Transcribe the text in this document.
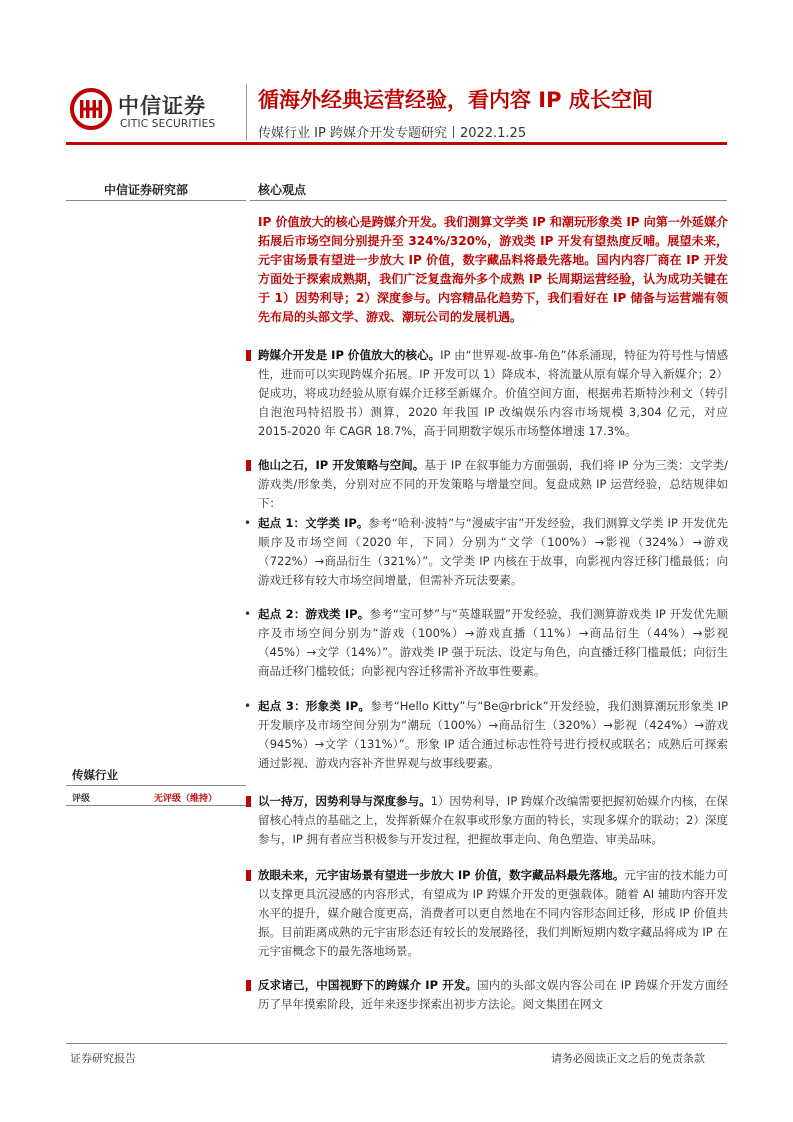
中信证券
CITIC SECURITIES
循海外经典运营经验，看内容 IP 成长空间
传媒行业 IP 跨媒介开发专题研究丨2022.1.25
中信证券研究部	核心观点

IP 价值放大的核心是跨媒介开发。我们测算文学类 IP 和潮玩形象类 IP 向第一外延媒介拓展后市场空间分别提升至 324%/320%，游戏类 IP 开发有望热度反哺。展望未来，元宇宙场景有望进一步放大 IP 价值，数字藏品料将最先落地。国内内容厂商在 IP 开发方面处于探索成熟期，我们广泛复盘海外多个成熟 IP 长周期运营经验，认为成功关键在于 1）因势利导；2）深度参与。内容精品化趋势下，我们看好在 IP 储备与运营端有领先布局的头部文学、游戏、潮玩公司的发展机遇。

跨媒介开发是 IP 价值放大的核心。IP 由“世界观-故事-角色”体系涌现，特征为符号性与情感性，进而可以实现跨媒介拓展。IP 开发可以 1）降成本，将流量从原有媒介导入新媒介；2）促成功，将成功经验从原有媒介迁移至新媒介。价值空间方面，根据弗若斯特沙利文（转引自泡泡玛特招股书）测算，2020 年我国 IP 改编娱乐内容市场规模 3,304 亿元，对应 2015-2020 年 CAGR 18.7%，高于同期数字娱乐市场整体增速 17.3%。

他山之石，IP 开发策略与空间。基于 IP 在叙事能力方面强弱，我们将 IP 分为三类：文学类/游戏类/形象类，分别对应不同的开发策略与增量空间。复盘成熟 IP 运营经验，总结规律如下：

• 起点 1：文学类 IP。参考“哈利·波特”与“漫威宇宙”开发经验，我们测算文学类 IP 开发优先顺序及市场空间（2020 年，下同）分别为“文学（100%）→影视（324%）→游戏（722%）→商品衍生（321%）”。文学类 IP 内核在于故事，向影视内容迁移门槛最低；向游戏迁移有较大市场空间增量，但需补齐玩法要素。

• 起点 2：游戏类 IP。参考“宝可梦”与“英雄联盟”开发经验，我们测算游戏类 IP 开发优先顺序及市场空间分别为“游戏（100%）→游戏直播（11%）→商品衍生（44%）→影视（45%）→文学（14%）”。游戏类 IP 强于玩法、设定与角色，向直播迁移门槛最低；向衍生商品迁移门槛较低；向影视内容迁移需补齐故事性要素。

• 起点 3：形象类 IP。参考“Hello Kitty”与“Be@rbrick”开发经验，我们测算潮玩形象类 IP 开发顺序及市场空间分别为“潮玩（100%）→商品衍生（320%）→影视（424%）→游戏（945%）→文学（131%）”。形象 IP 适合通过标志性符号进行授权或联名；成熟后可探索通过影视、游戏内容补齐世界观与故事线要素。

以一持万，因势利导与深度参与。1）因势利导，IP 跨媒介改编需要把握初始媒介内核，在保留核心特点的基础之上，发挥新媒介在叙事或形象方面的特长，实现多媒介的联动；2）深度参与，IP 拥有者应当积极参与开发过程，把握故事走向、角色塑造、审美品味。

放眼未来，元宇宙场景有望进一步放大 IP 价值，数字藏品料最先落地。元宇宙的技术能力可以支撑更具沉浸感的内容形式，有望成为 IP 跨媒介开发的更强载体。随着 AI 辅助内容开发水平的提升，媒介融合度更高，消费者可以更自然地在不同内容形态间迁移，形成 IP 价值共振。目前距离成熟的元宇宙形态还有较长的发展路径，我们判断短期内数字藏品将成为 IP 在元宇宙概念下的最先落地场景。

反求诸己，中国视野下的跨媒介 IP 开发。国内的头部文娱内容公司在 IP 跨媒介开发方面经历了早年摸索阶段，近年来逐步探索出初步方法论。阅文集团在网文

传媒行业
评级	无评级（维持）
证券研究报告	请务必阅读正文之后的免责条款
